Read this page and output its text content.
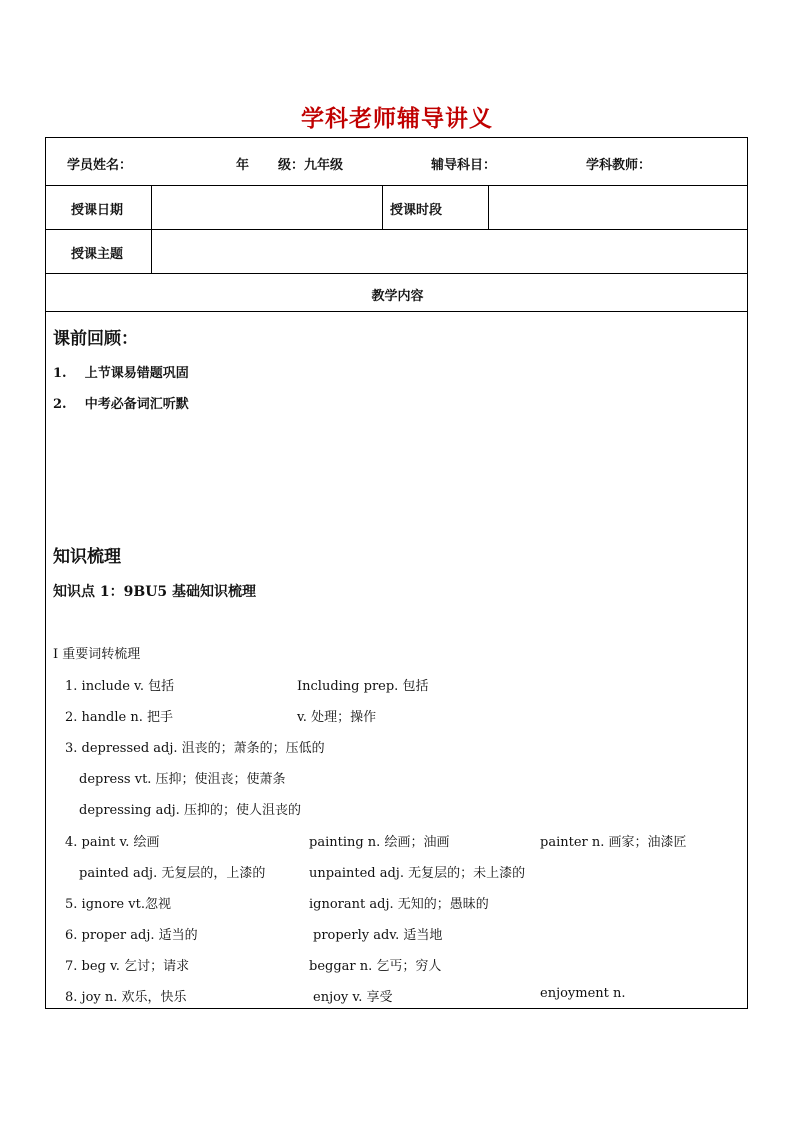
学科老师辅导讲义
学员姓名：	年 级：九年级	辅导科目：	学科教师：
授课日期	授课时段
授课主题
教学内容
课前回顾：
1. 上节课易错题巩固
2. 中考必备词汇听默
知识梳理
知识点 1：9BU5 基础知识梳理
I 重要词转梳理
1. include v. 包括	Including prep. 包括
2. handle n. 把手	v. 处理；操作
3. depressed adj. 沮丧的；萧条的；压低的
depress vt. 压抑；使沮丧；使萧条
depressing adj. 压抑的；使人沮丧的
4. paint v. 绘画	painting n. 绘画；油画	painter n. 画家；油漆匠
painted adj. 无复层的，上漆的	unpainted adj. 无复层的；未上漆的
5. ignore vt.忽视	ignorant adj. 无知的；愚昧的
6. proper adj. 适当的	properly adv. 适当地
7. beg v. 乞讨；请求	beggar n. 乞丐；穷人
8. joy n. 欢乐，快乐	enjoy v. 享受	enjoyment n.
